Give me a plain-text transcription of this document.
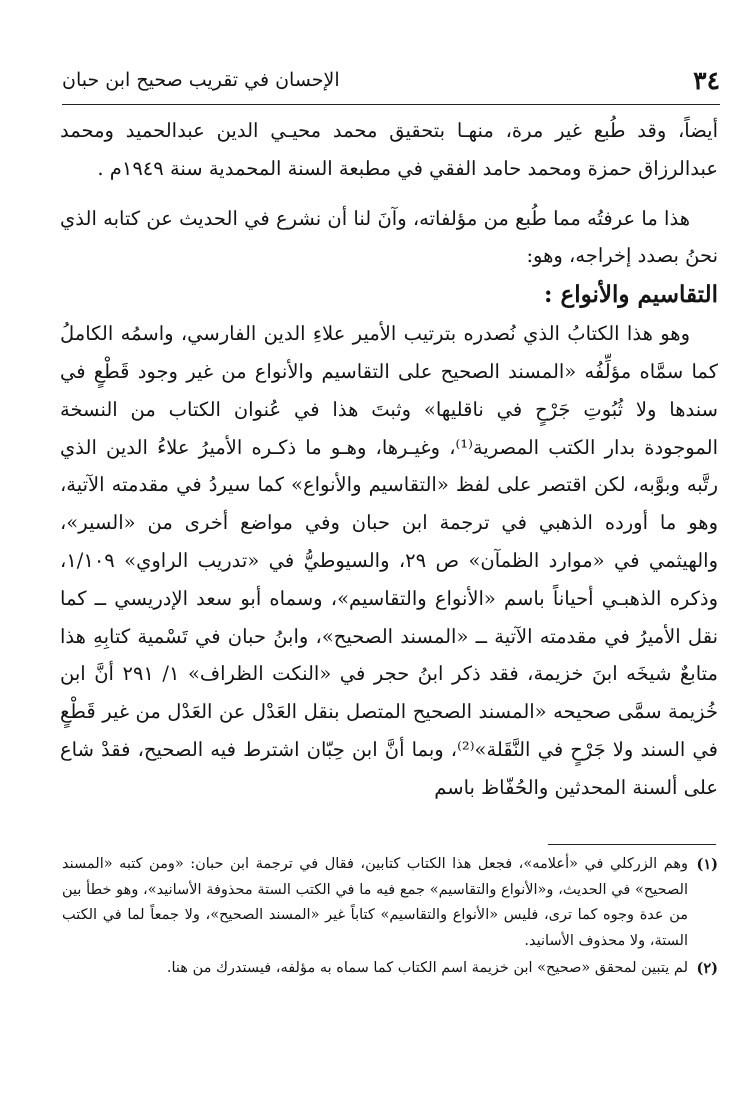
٣٤
الإحسان في تقريب صحيح ابن حبان

أيضاً، وقد طُبع غير مرة، منهـا بتحقيق محمد محيـي الدين عبدالحميد ومحمد عبدالرزاق حمزة ومحمد حامد الفقي في مطبعة السنة المحمدية سنة ١٩٤٩م .

هذا ما عرفتُه مما طُبع من مؤلفاته، وآنَ لنا أن نشرع في الحديث عن كتابه الذي نحنُ بصدد إخراجه، وهو:

التقاسيم والأنواع :

وهو هذا الكتابُ الذي نُصدره بترتيب الأمير علاءِ الدين الفارسي، واسمُه الكاملُ كما سمَّاه مؤلِّفُه «المسند الصحيح على التقاسيم والأنواع من غير وجود قَطْعٍ في سندها ولا ثُبُوتِ جَرْحٍ في ناقليها» وثبتَ هذا في عُنوان الكتاب من النسخة الموجودة بدار الكتب المصرية⁽¹⁾، وغيـرها، وهـو ما ذكـره الأميرُ علاءُ الدين الذي رتَّبه وبوَّبه، لكن اقتصر على لفظ «التقاسيم والأنواع» كما سيردُ في مقدمته الآتية، وهو ما أورده الذهبي في ترجمة ابن حبان وفي مواضع أخرى من «السير»، والهيثمي في «موارد الظمآن» ص ٢٩، والسيوطيُّ في «تدريب الراوي» ١/١٠٩، وذكره الذهبـي أحياناً باسم «الأنواع والتقاسيم»، وسماه أبو سعد الإدريسي ــ كما نقل الأميرُ في مقدمته الآتية ــ «المسند الصحيح»، وابنُ حبان في تَسْمية كتابِهِ هذا متابعٌ شيخَه ابنَ خزيمة، فقد ذكر ابنُ حجر في «النكت الظراف» ١/ ٢٩١ أنَّ ابن خُزيمة سمَّى صحيحه «المسند الصحيح المتصل بنقل العَدْل عن العَدْل من غير قَطْعٍ في السند ولا جَرْحٍ في النَّقَلة»⁽²⁾، وبما أنَّ ابن حِبّان اشترط فيه الصحيح، فقدْ شاع على ألسنة المحدثين والحُفّاظ باسم

(١)
وهم الزركلي في «أعلامه»، فجعل هذا الكتاب كتابين، فقال في ترجمة ابن حبان: «ومن كتبه «المسند الصحيح» في الحديث، و«الأنواع والتقاسيم» جمع فيه ما في الكتب الستة محذوفة الأسانيد»، وهو خطأ بين من عدة وجوه كما ترى، فليس «الأنواع والتقاسيم» كتاباً غير «المسند الصحيح»، ولا جمعاً لما في الكتب الستة، ولا محذوف الأسانيد.
(٢)
لم يتبين لمحقق «صحيح» ابن خزيمة اسم الكتاب كما سماه به مؤلفه، فيستدرك من هنا.
